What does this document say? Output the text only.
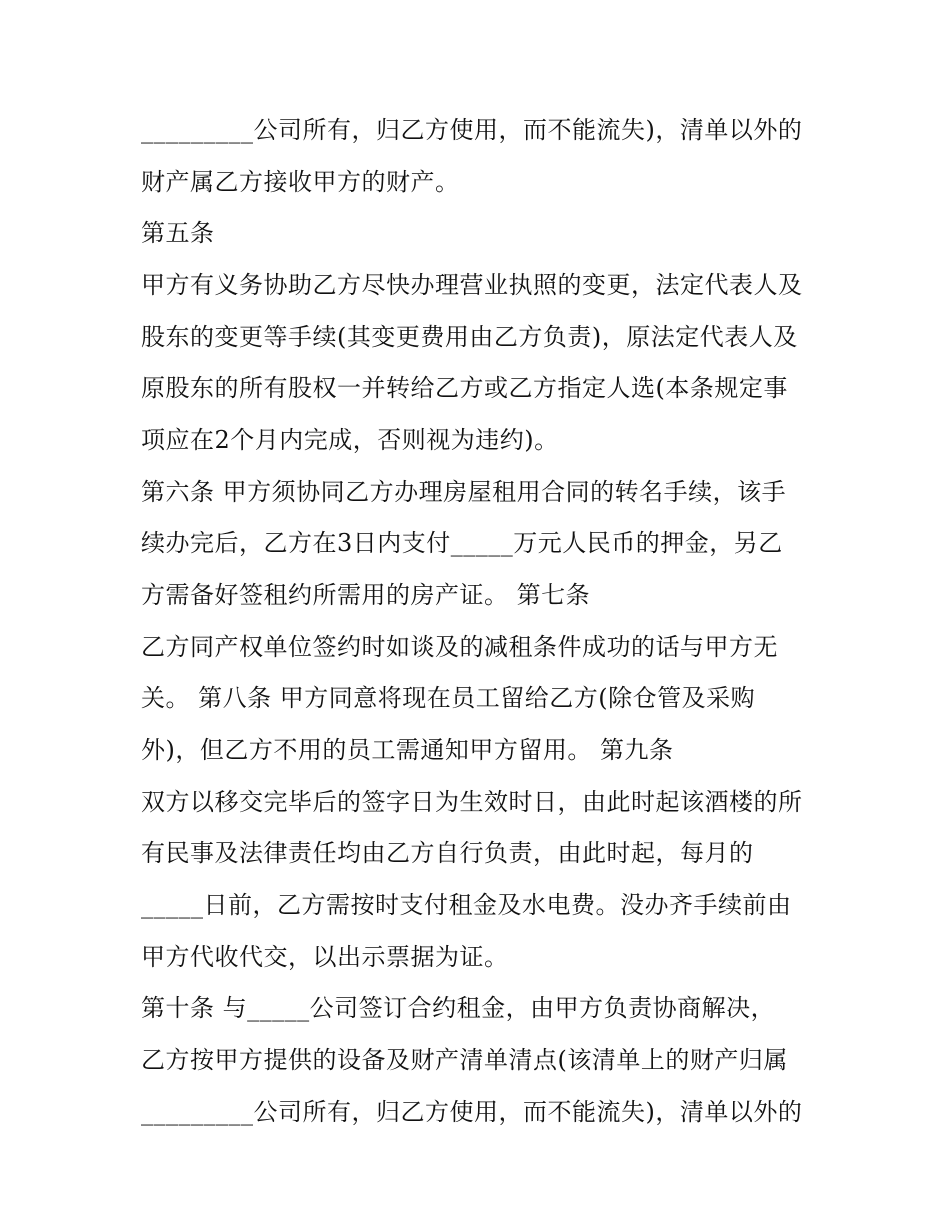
_________公司所有，归乙方使用，而不能流失)，清单以外的
财产属乙方接收甲方的财产。
第五条
甲方有义务协助乙方尽快办理营业执照的变更，法定代表人及
股东的变更等手续(其变更费用由乙方负责)，原法定代表人及
原股东的所有股权一并转给乙方或乙方指定人选(本条规定事
项应在2个月内完成，否则视为违约)。
第六条 甲方须协同乙方办理房屋租用合同的转名手续，该手
续办完后，乙方在3日内支付_____万元人民币的押金，另乙
方需备好签租约所需用的房产证。 第七条
乙方同产权单位签约时如谈及的减租条件成功的话与甲方无
关。 第八条 甲方同意将现在员工留给乙方(除仓管及采购
外)，但乙方不用的员工需通知甲方留用。 第九条
双方以移交完毕后的签字日为生效时日，由此时起该酒楼的所
有民事及法律责任均由乙方自行负责，由此时起，每月的
_____日前，乙方需按时支付租金及水电费。没办齐手续前由
甲方代收代交，以出示票据为证。
第十条 与_____公司签订合约租金，由甲方负责协商解决，
乙方按甲方提供的设备及财产清单清点(该清单上的财产归属
_________公司所有，归乙方使用，而不能流失)，清单以外的
